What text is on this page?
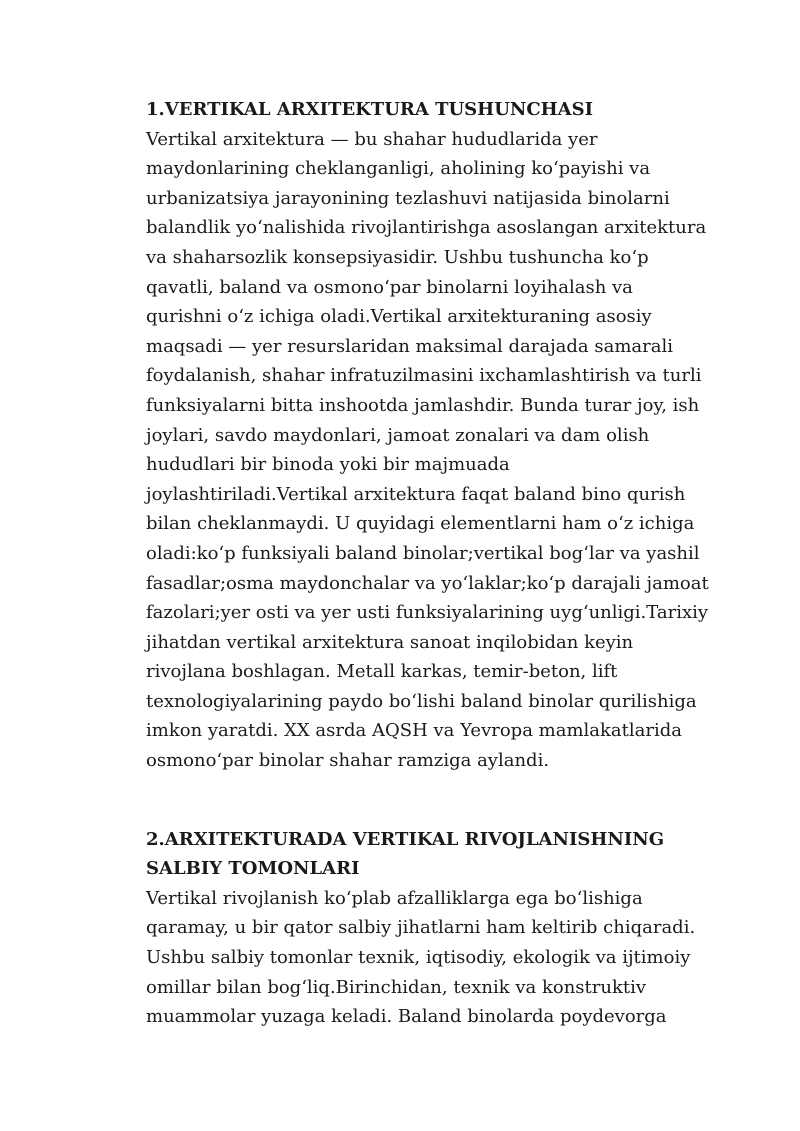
1.VERTIKAL ARXITEKTURA TUSHUNCHASI

Vertikal arxitektura — bu shahar hududlarida yer maydonlarining cheklanganligi, aholining koʻpayishi va urbanizatsiya jarayonining tezlashuvi natijasida binolarni balandlik yoʻnalishida rivojlantirishga asoslangan arxitektura va shaharsozlik konsepsiyasidir. Ushbu tushuncha koʻp qavatli, baland va osmonoʻpar binolarni loyihalash va qurishni oʻz ichiga oladi.Vertikal arxitekturaning asosiy maqsadi — yer resurslaridan maksimal darajada samarali foydalanish, shahar infratuzilmasini ixchamlashtirish va turli funksiyalarni bitta inshootda jamlashdir. Bunda turar joy, ish joylari, savdo maydonlari, jamoat zonalari va dam olish hududlari bir binoda yoki bir majmuada joylashtiriladi.Vertikal arxitektura faqat baland bino qurish bilan cheklanmaydi. U quyidagi elementlarni ham oʻz ichiga oladi:koʻp funksiyali baland binolar;vertikal bogʻlar va yashil fasadlar;osma maydonchalar va yoʻlaklar;koʻp darajali jamoat fazolari;yer osti va yer usti funksiyalarining uygʻunligi.Tarixiy jihatdan vertikal arxitektura sanoat inqilobidan keyin rivojlana boshlagan. Metall karkas, temir-beton, lift texnologiyalarining paydo boʻlishi baland binolar qurilishiga imkon yaratdi. XX asrda AQSH va Yevropa mamlakatlarida osmonoʻpar binolar shahar ramziga aylandi.

2.ARXITEKTURADA VERTIKAL RIVOJLANISHNING SALBIY TOMONLARI

Vertikal rivojlanish koʻplab afzalliklarga ega boʻlishiga qaramay, u bir qator salbiy jihatlarni ham keltirib chiqaradi. Ushbu salbiy tomonlar texnik, iqtisodiy, ekologik va ijtimoiy omillar bilan bogʻliq.Birinchidan, texnik va konstruktiv muammolar yuzaga keladi. Baland binolarda poydevorga
